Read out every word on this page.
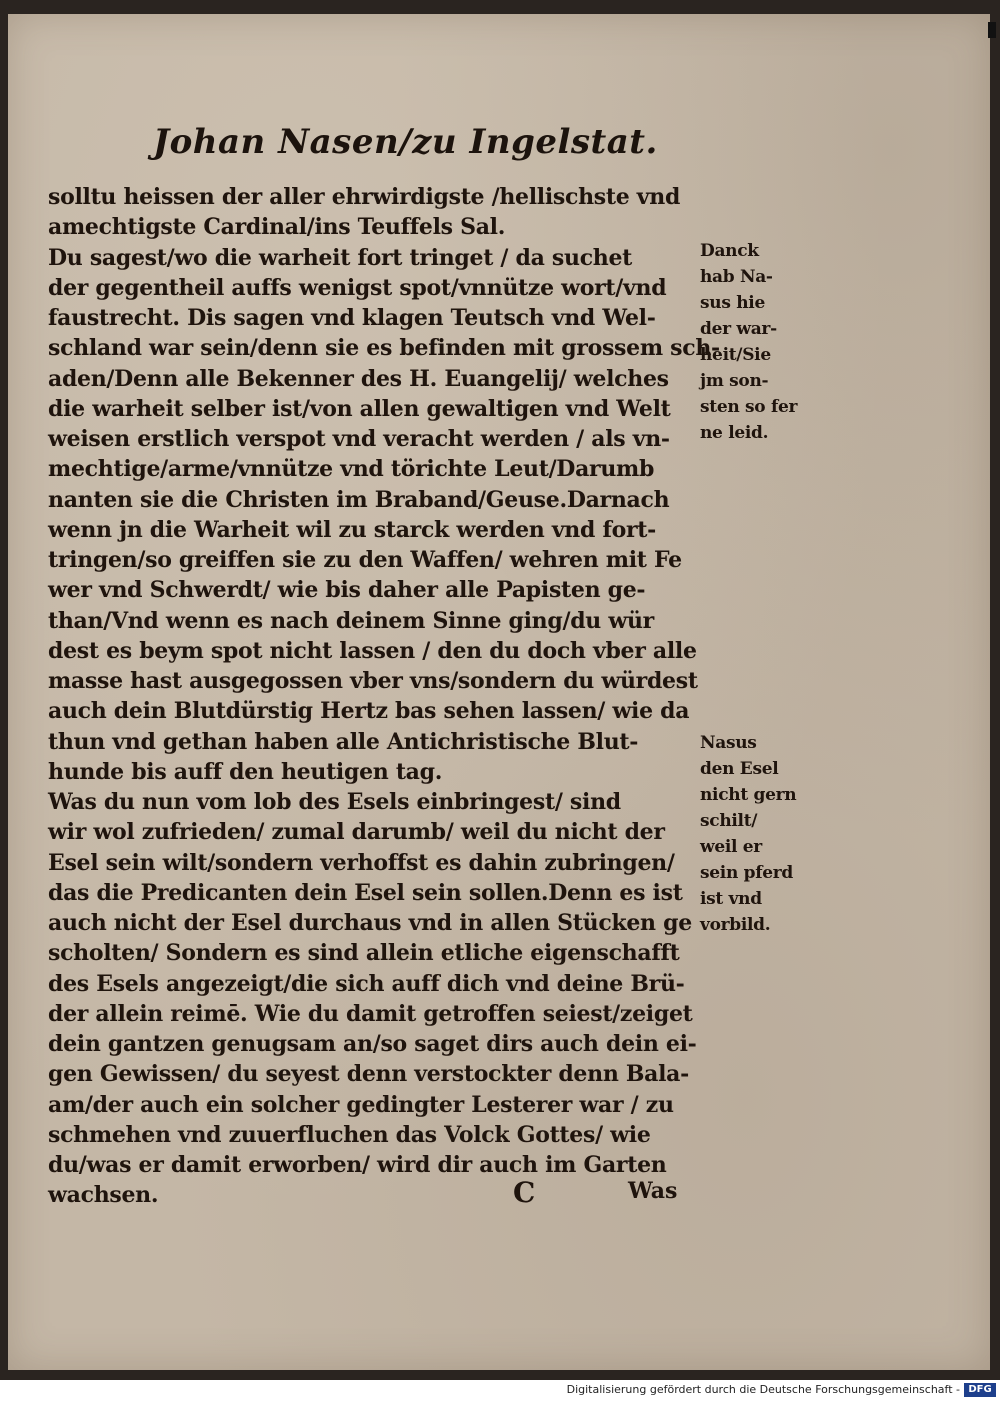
Johan Nasen/zu Ingelstat.
solltu heissen der aller ehrwirdigste /hellischste vnd
amechtigste Cardinal/ins Teuffels Sal.
Du sagest/wo die warheit fort tringet / da suchet
der gegentheil auffs wenigst spot/vnnütze wort/vnd
faustrecht. Dis sagen vnd klagen Teutsch vnd Wel-
schland war sein/denn sie es befinden mit grossem sch-
aden/Denn alle Bekenner des H. Euangelij/ welches
die warheit selber ist/von allen gewaltigen vnd Welt
weisen erstlich verspot vnd veracht werden / als vn-
mechtige/arme/vnnütze vnd törichte Leut/Darumb
nanten sie die Christen im Braband/Geuse.Darnach
wenn jn die Warheit wil zu starck werden vnd fort-
tringen/so greiffen sie zu den Waffen/ wehren mit Fe
wer vnd Schwerdt/ wie bis daher alle Papisten ge-
than/Vnd wenn es nach deinem Sinne ging/du wür
dest es beym spot nicht lassen / den du doch vber alle
masse hast ausgegossen vber vns/sondern du würdest
auch dein Blutdürstig Hertz bas sehen lassen/ wie da
thun vnd gethan haben alle Antichristische Blut-
hunde bis auff den heutigen tag.
Was du nun vom lob des Esels einbringest/ sind
wir wol zufrieden/ zumal darumb/ weil du nicht der
Esel sein wilt/sondern verhoffst es dahin zubringen/
das die Predicanten dein Esel sein sollen.Denn es ist
auch nicht der Esel durchaus vnd in allen Stücken ge
scholten/ Sondern es sind allein etliche eigenschafft
des Esels angezeigt/die sich auff dich vnd deine Brü-
der allein reimē. Wie du damit getroffen seiest/zeiget
dein gantzen genugsam an/so saget dirs auch dein ei-
gen Gewissen/ du seyest denn verstockter denn Bala-
am/der auch ein solcher gedingter Lesterer war / zu
schmehen vnd zuuerfluchen das Volck Gottes/ wie
du/was er damit erworben/ wird dir auch im Garten
wachsen.
Danck
hab Na-
sus hie
der war-
heit/Sie
jm son-
sten so fer
ne leid.
Nasus
den Esel
nicht gern
schilt/
weil er
sein pferd
ist vnd
vorbild.
C	Was
Digitalisierung gefördert durch die Deutsche Forschungsgemeinschaft - DFG
